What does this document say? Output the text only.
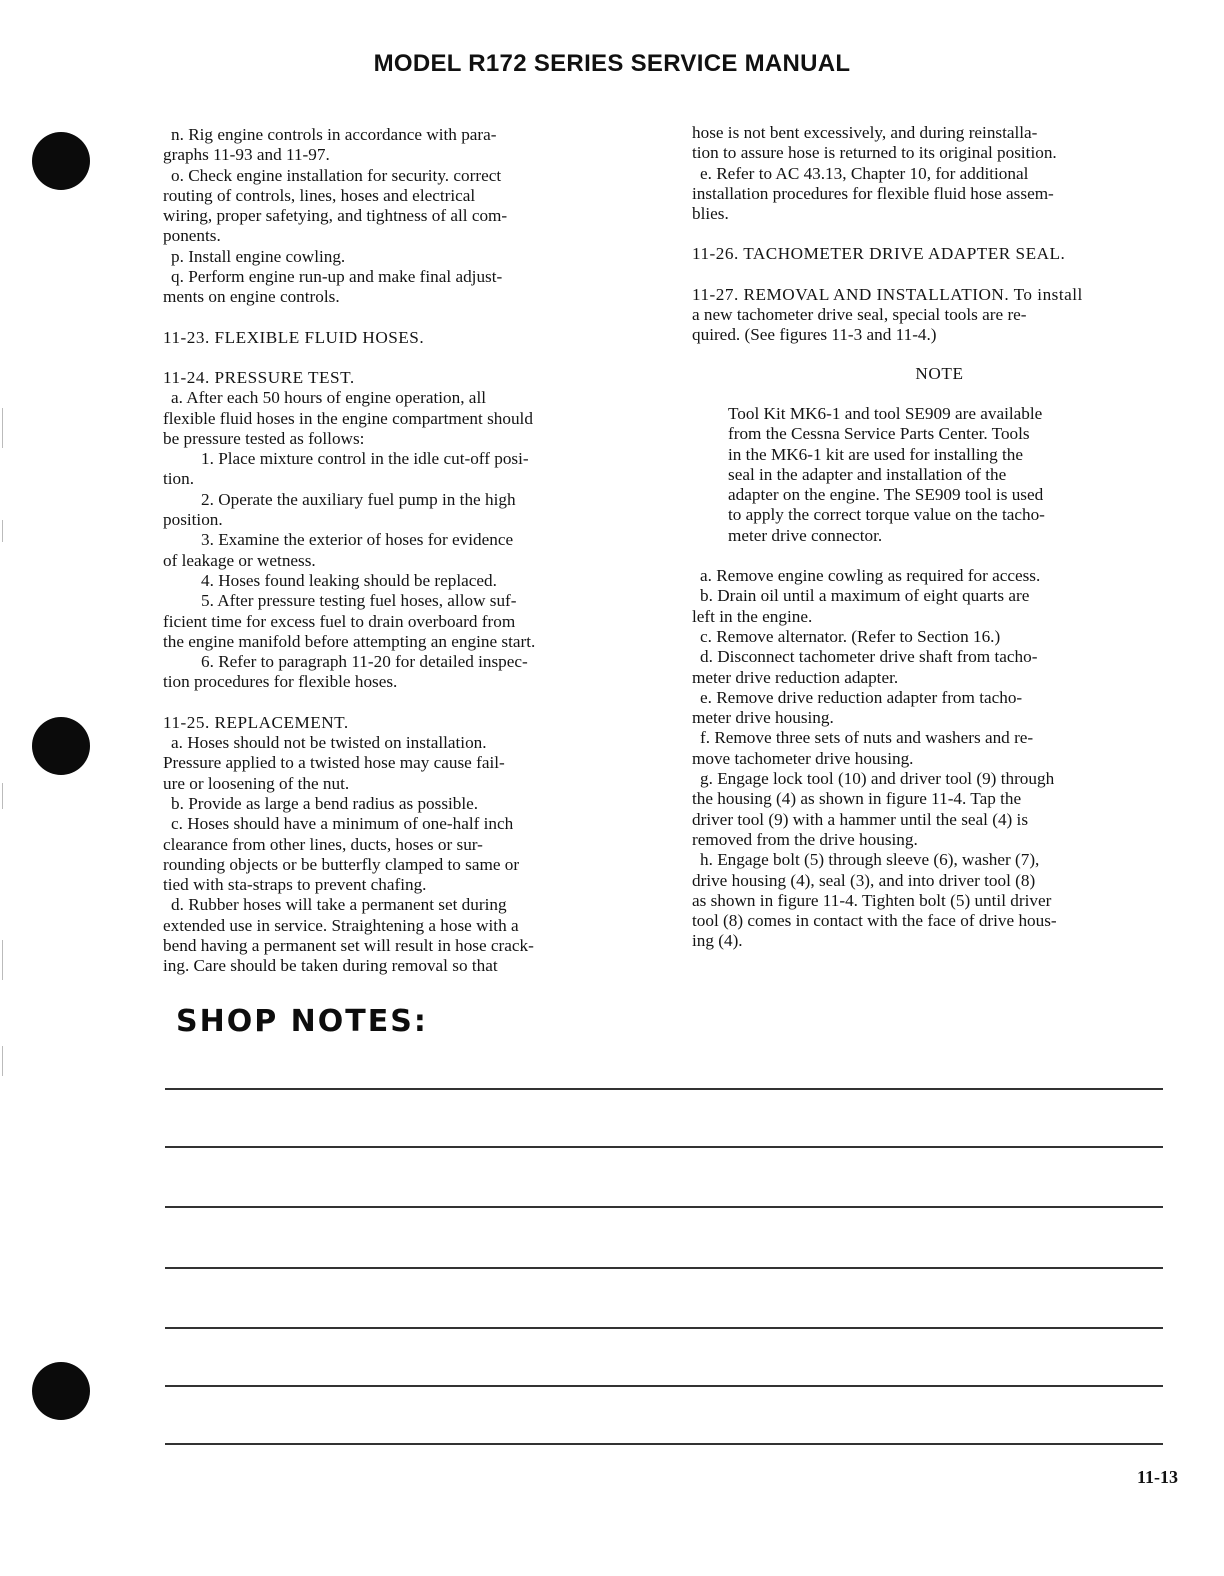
MODEL R172 SERIES SERVICE MANUAL

n. Rig engine controls in accordance with para-

graphs 11-93 and 11-97.

o. Check engine installation for security. correct

routing of controls, lines, hoses and electrical

wiring, proper safetying, and tightness of all com-

ponents.

p. Install engine cowling.

q. Perform engine run-up and make final adjust-

ments on engine controls.

11-23. FLEXIBLE FLUID HOSES.

11-24. PRESSURE TEST.

a. After each 50 hours of engine operation, all

flexible fluid hoses in the engine compartment should

be pressure tested as follows:

1. Place mixture control in the idle cut-off posi-

tion.

2. Operate the auxiliary fuel pump in the high

position.

3. Examine the exterior of hoses for evidence

of leakage or wetness.

4. Hoses found leaking should be replaced.

5. After pressure testing fuel hoses, allow suf-

ficient time for excess fuel to drain overboard from

the engine manifold before attempting an engine start.

6. Refer to paragraph 11-20 for detailed inspec-

tion procedures for flexible hoses.

11-25. REPLACEMENT.

a. Hoses should not be twisted on installation.

Pressure applied to a twisted hose may cause fail-

ure or loosening of the nut.

b. Provide as large a bend radius as possible.

c. Hoses should have a minimum of one-half inch

clearance from other lines, ducts, hoses or sur-

rounding objects or be butterfly clamped to same or

tied with sta-straps to prevent chafing.

d. Rubber hoses will take a permanent set during

extended use in service. Straightening a hose with a

bend having a permanent set will result in hose crack-

ing. Care should be taken during removal so that

hose is not bent excessively, and during reinstalla-

tion to assure hose is returned to its original position.

e. Refer to AC 43.13, Chapter 10, for additional

installation procedures for flexible fluid hose assem-

blies.

11-26. TACHOMETER DRIVE ADAPTER SEAL.

11-27. REMOVAL AND INSTALLATION. To install

a new tachometer drive seal, special tools are re-

quired. (See figures 11-3 and 11-4.)

NOTE

Tool Kit MK6-1 and tool SE909 are available

from the Cessna Service Parts Center. Tools

in the MK6-1 kit are used for installing the

seal in the adapter and installation of the

adapter on the engine. The SE909 tool is used

to apply the correct torque value on the tacho-

meter drive connector.

a. Remove engine cowling as required for access.

b. Drain oil until a maximum of eight quarts are

left in the engine.

c. Remove alternator. (Refer to Section 16.)

d. Disconnect tachometer drive shaft from tacho-

meter drive reduction adapter.

e. Remove drive reduction adapter from tacho-

meter drive housing.

f. Remove three sets of nuts and washers and re-

move tachometer drive housing.

g. Engage lock tool (10) and driver tool (9) through

the housing (4) as shown in figure 11-4. Tap the

driver tool (9) with a hammer until the seal (4) is

removed from the drive housing.

h. Engage bolt (5) through sleeve (6), washer (7),

drive housing (4), seal (3), and into driver tool (8)

as shown in figure 11-4. Tighten bolt (5) until driver

tool (8) comes in contact with the face of drive hous-

ing (4).

SHOP NOTES:
11-13
